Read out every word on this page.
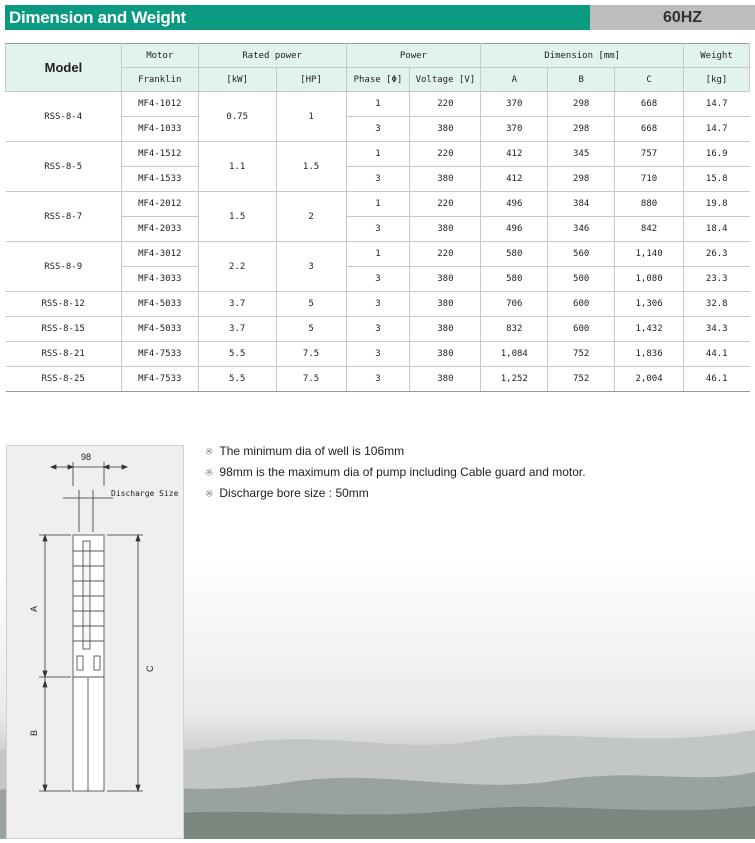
Dimension and Weight	60HZ
Model	Motor	Rated power		Power		Dimension [mm]			Weight
	Franklin	[kW]	[HP]	Phase [Φ]	Voltage [V]	A	B	C	[kg]
RSS-8-4	MF4-1012	0.75	1	1	220	370	298	668	14.7
	MF4-1033			3	380	370	298	668	14.7
RSS-8-5	MF4-1512	1.1	1.5	1	220	412	345	757	16.9
	MF4-1533			3	380	412	298	710	15.8
RSS-8-7	MF4-2012	1.5	2	1	220	496	384	880	19.8
	MF4-2033			3	380	496	346	842	18.4
RSS-8-9	MF4-3012	2.2	3	1	220	580	560	1,140	26.3
	MF4-3033			3	380	580	500	1,080	23.3
RSS-8-12	MF4-5033	3.7	5	3	380	706	600	1,306	32.8
RSS-8-15	MF4-5033	3.7	5	3	380	832	600	1,432	34.3
RSS-8-21	MF4-7533	5.5	7.5	3	380	1,084	752	1,836	44.1
RSS-8-25	MF4-7533	5.5	7.5	3	380	1,252	752	2,004	46.1
98
Discharge Size
A
B
C
※ The minimum dia of well is 106mm
※ 98mm is the maximum dia of pump including Cable guard and motor.
※ Discharge bore size : 50mm
